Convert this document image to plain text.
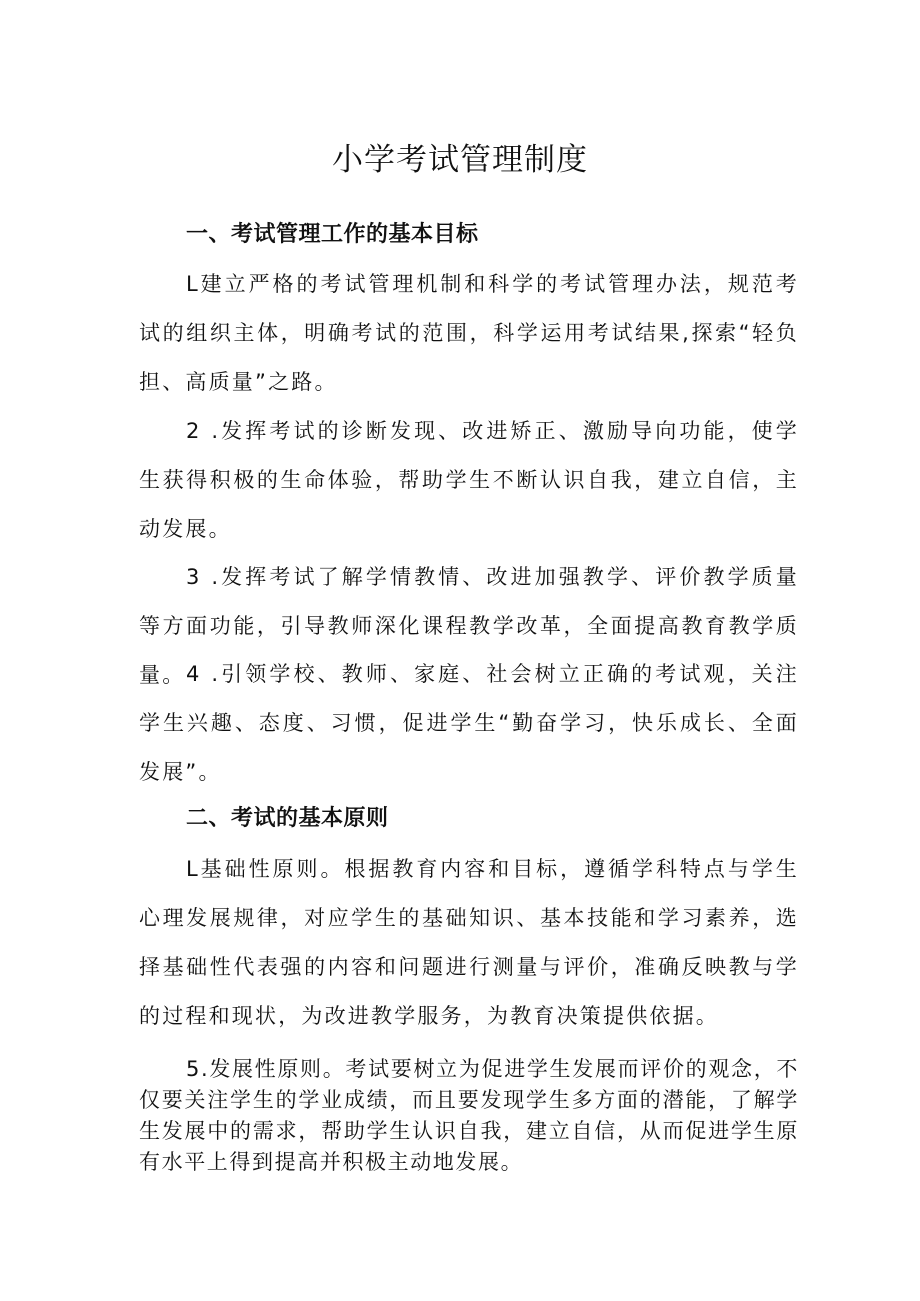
小学考试管理制度
一、考试管理工作的基本目标

L建立严格的考试管理机制和科学的考试管理办法，规范考试的组织主体，明确考试的范围，科学运用考试结果,探索“轻负担、高质量”之路。

2 .发挥考试的诊断发现、改进矫正、激励导向功能，使学生获得积极的生命体验，帮助学生不断认识自我，建立自信，主动发展。

3 .发挥考试了解学情教情、改进加强教学、评价教学质量等方面功能，引导教师深化课程教学改革，全面提高教育教学质量。 4 .引领学校、教师、家庭、社会树立正确的考试观，关注学生兴趣、态度、习惯，促进学生“勤奋学习，快乐成长、全面发展”。

二、考试的基本原则

L基础性原则。根据教育内容和目标，遵循学科特点与学生心理发展规律，对应学生的基础知识、基本技能和学习素养，选择基础性代表强的内容和问题进行测量与评价，准确反映教与学的过程和现状，为改进教学服务，为教育决策提供依据。

5.发展性原则。考试要树立为促进学生发展而评价的观念，不仅要关注学生的学业成绩，而且要发现学生多方面的潜能，了解学生发展中的需求，帮助学生认识自我，建立自信，从而促进学生原有水平上得到提高并积极主动地发展。
